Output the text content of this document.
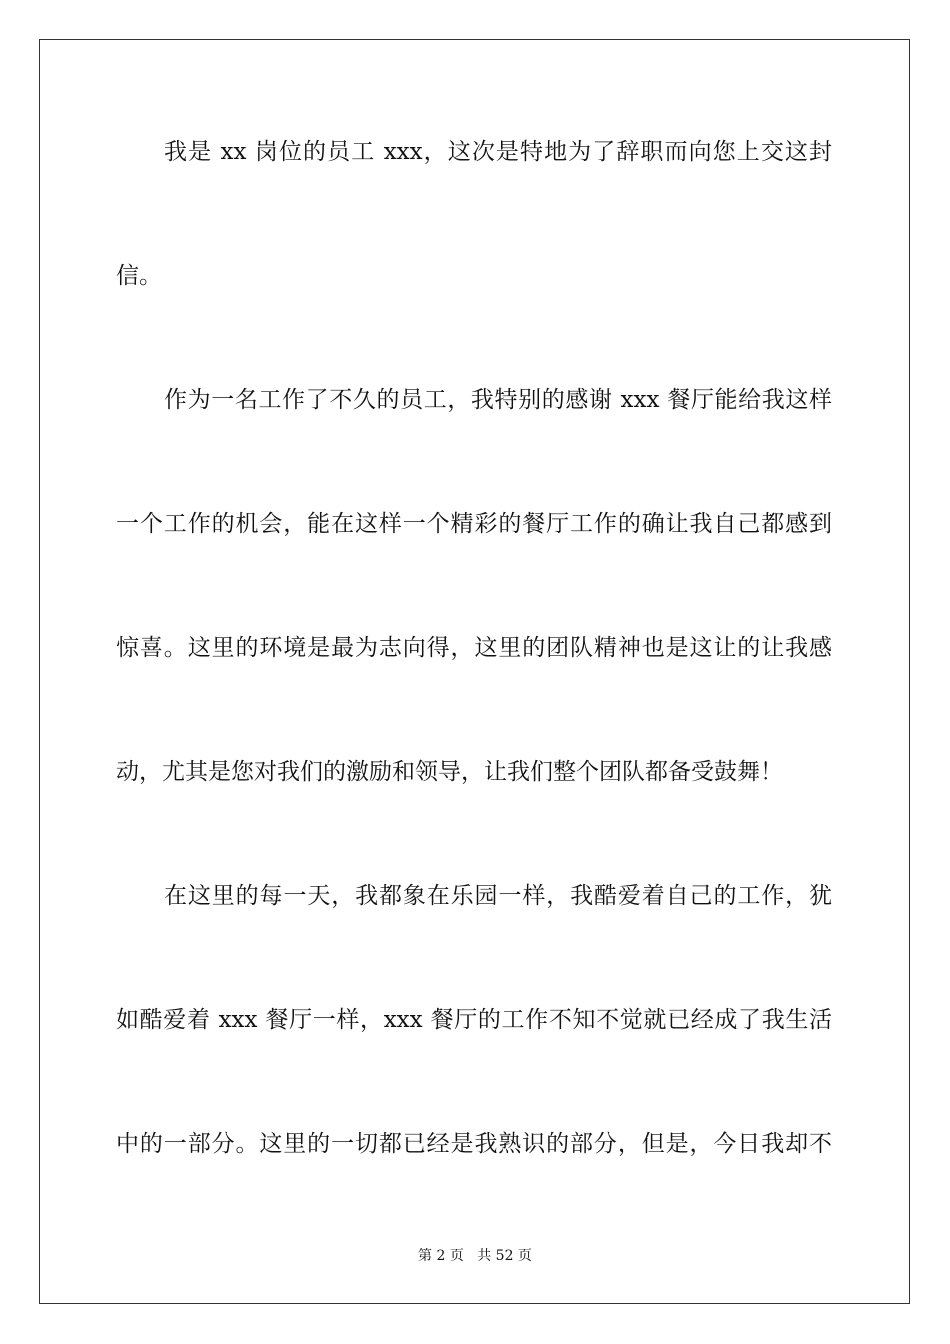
我是 xx 岗位的员工 xxx，这次是特地为了辞职而向您上交这封
信。
作为一名工作了不久的员工，我特别的感谢 xxx 餐厅能给我这样
一个工作的机会，能在这样一个精彩的餐厅工作的确让我自己都感到
惊喜。这里的环境是最为志向得，这里的团队精神也是这让的让我感
动，尤其是您对我们的激励和领导，让我们整个团队都备受鼓舞！
在这里的每一天，我都象在乐园一样，我酷爱着自己的工作，犹
如酷爱着 xxx 餐厅一样，xxx 餐厅的工作不知不觉就已经成了我生活
中的一部分。这里的一切都已经是我熟识的部分，但是，今日我却不
第 2 页 共 52 页
